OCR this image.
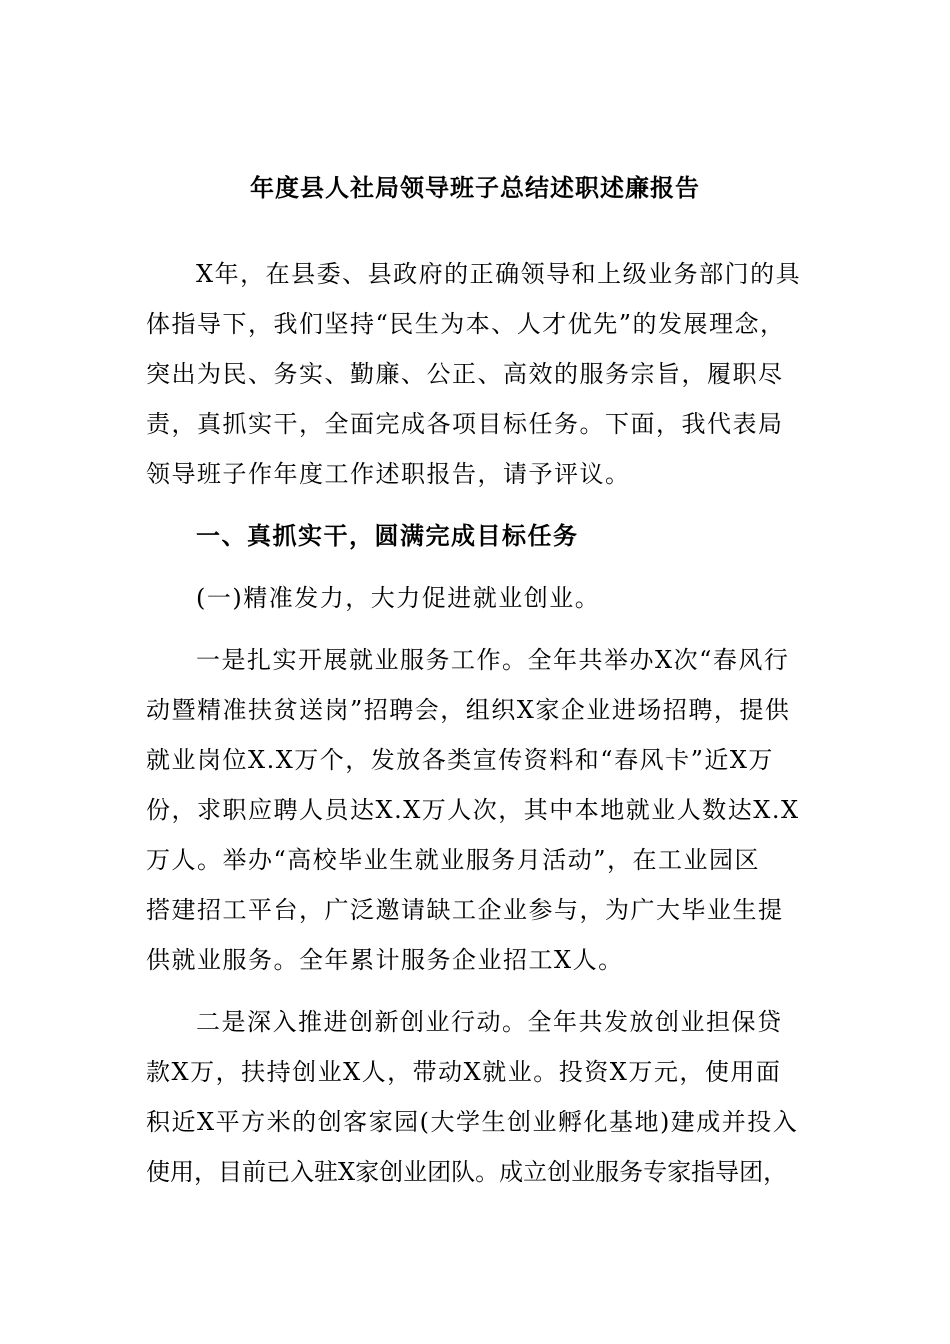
年度县人社局领导班子总结述职述廉报告
X年，在县委、县政府的正确领导和上级业务部门的具
体指导下，我们坚持“民生为本、人才优先”的发展理念，
突出为民、务实、勤廉、公正、高效的服务宗旨，履职尽
责，真抓实干，全面完成各项目标任务。下面，我代表局
领导班子作年度工作述职报告，请予评议。
一、真抓实干，圆满完成目标任务
(一)精准发力，大力促进就业创业。
一是扎实开展就业服务工作。全年共举办X次“春风行
动暨精准扶贫送岗”招聘会，组织X家企业进场招聘，提供
就业岗位X.X万个，发放各类宣传资料和“春风卡”近X万
份，求职应聘人员达X.X万人次，其中本地就业人数达X.X
万人。举办“高校毕业生就业服务月活动”，在工业园区
搭建招工平台，广泛邀请缺工企业参与，为广大毕业生提
供就业服务。全年累计服务企业招工X人。
二是深入推进创新创业行动。全年共发放创业担保贷
款X万，扶持创业X人，带动X就业。投资X万元，使用面
积近X平方米的创客家园(大学生创业孵化基地)建成并投入
使用，目前已入驻X家创业团队。成立创业服务专家指导团，
